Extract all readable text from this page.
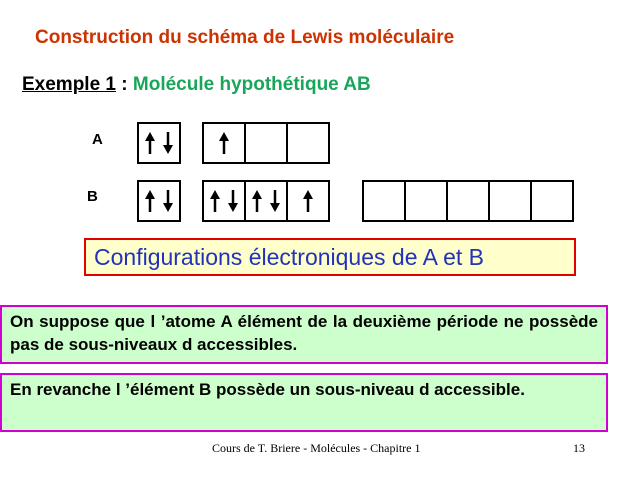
Construction du schéma de Lewis moléculaire
Exemple 1 : Molécule hypothétique AB
A
B
Configurations électroniques de A et B
On suppose que l ’atome A élément de la deuxième période ne possède pas de sous-niveaux d accessibles.
En revanche l ’élément B possède un sous-niveau d accessible.
Cours de T. Briere - Molécules - Chapitre 1	13
